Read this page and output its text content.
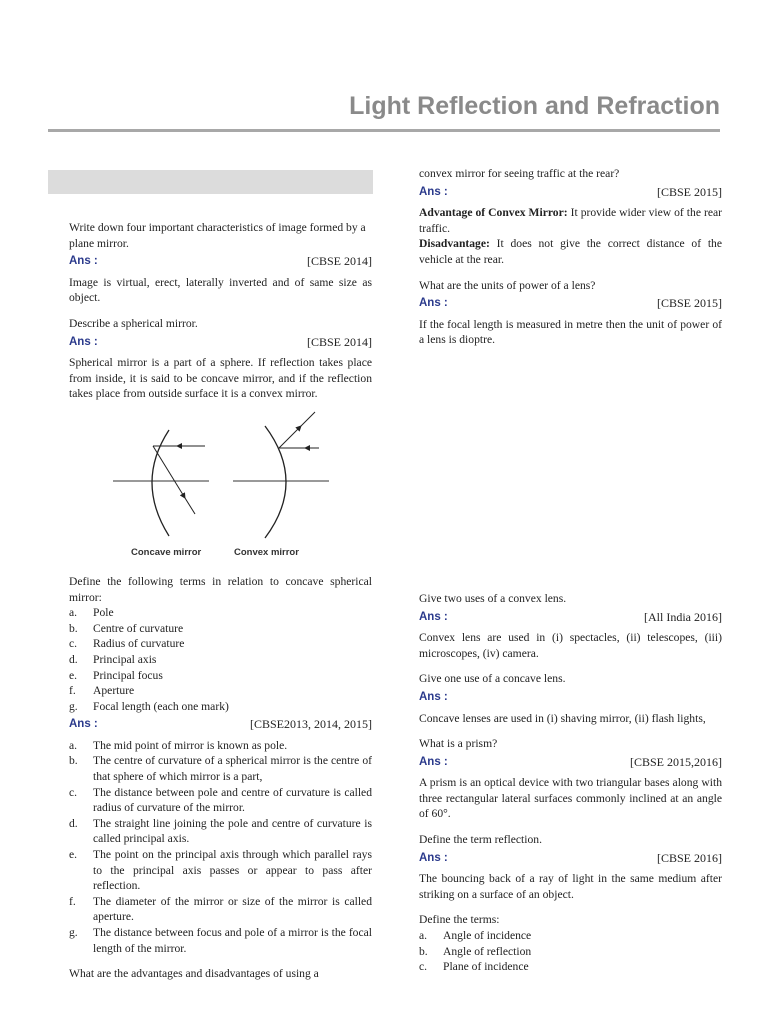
Light Reflection and Refraction

Write down four important characteristics of image formed by a plane mirror.

Ans :	[CBSE 2014]

Image is virtual, erect, laterally inverted and of same size as object.

Describe a spherical mirror.

Ans :	[CBSE 2014]

Spherical mirror is a part of a sphere. If reflection takes place from inside, it is said to be concave mirror, and if the reflection takes place from outside surface it is a convex mirror.

Concave mirror	Convex mirror

Define the following terms in relation to concave spherical mirror:

a.	Pole
b.	Centre of curvature
c.	Radius of curvature
d.	Principal axis
e.	Principal focus
f.	Aperture
g.	Focal length (each one mark)
Ans :	[CBSE2013, 2014, 2015]
a.	The mid point of mirror is known as pole.
b.	The centre of curvature of a spherical mirror is the centre of that sphere of which mirror is a part,
c.	The distance between pole and centre of curvature is called radius of curvature of the mirror.
d.	The straight line joining the pole and centre of curvature is called principal axis.
e.	The point on the principal axis through which parallel rays to the principal axis passes or appear to pass after reflection.
f.	The diameter of the mirror or size of the mirror is called aperture.
g.	The distance between focus and pole of a mirror is the focal length of the mirror.

What are the advantages and disadvantages of using a

convex mirror for seeing traffic at the rear?

Ans :	[CBSE 2015]

Advantage of Convex Mirror: It provide wider view of the rear traffic.

Disadvantage: It does not give the correct distance of the vehicle at the rear.

What are the units of power of a lens?

Ans :	[CBSE 2015]

If the focal length is measured in metre then the unit of power of a lens is dioptre.

Give two uses of a convex lens.

Ans :	[All India 2016]

Convex lens are used in (i) spectacles, (ii) telescopes, (iii) microscopes, (iv) camera.

Give one use of a concave lens.

Ans :

Concave lenses are used in (i) shaving mirror, (ii) flash lights,

What is a prism?

Ans :	[CBSE 2015,2016]

A prism is an optical device with two triangular bases along with three rectangular lateral surfaces commonly inclined at an angle of 60°.

Define the term reflection.

Ans :	[CBSE 2016]

The bouncing back of a ray of light in the same medium after striking on a surface of an object.

Define the terms:

a.	Angle of incidence
b.	Angle of reflection
c.	Plane of incidence
